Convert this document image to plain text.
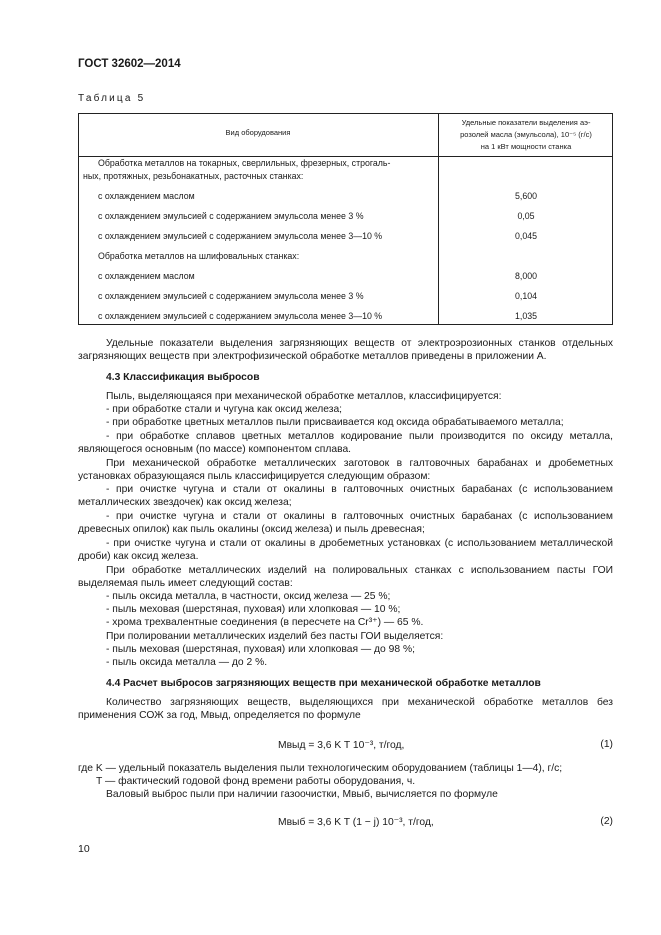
ГОСТ 32602—2014
Таблица 5
Вид оборудования
Удельные показатели выделения аэ-
розолей масла (эмульсола), 10⁻⁵ (г/с)
на 1 кВт мощности станка
Обработка металлов на токарных, сверлильных, фрезерных, строгаль-
ных, протяжных, резьбонакатных, расточных станках:
с охлаждением маслом	5,600
с охлаждением эмульсией с содержанием эмульсола менее 3 %	0,05
с охлаждением эмульсией с содержанием эмульсола менее 3—10 %	0,045
Обработка металлов на шлифовальных станках:
с охлаждением маслом	8,000
с охлаждением эмульсией с содержанием эмульсола менее 3 %	0,104
с охлаждением эмульсией с содержанием эмульсола менее 3—10 %	1,035
Удельные показатели выделения загрязняющих веществ от электроэрозионных станков отдельных загрязняющих веществ при электрофизической обработке металлов приведены в приложении А.
4.3 Классификация выбросов
Пыль, выделяющаяся при механической обработке металлов, классифицируется:
- при обработке стали и чугуна как оксид железа;
- при обработке цветных металлов пыли присваивается код оксида обрабатываемого металла;
- при обработке сплавов цветных металлов кодирование пыли производится по оксиду металла, являющегося основным (по массе) компонентом сплава.
При механической обработке металлических заготовок в галтовочных барабанах и дробеметных установках образующаяся пыль классифицируется следующим образом:
- при очистке чугуна и стали от окалины в галтовочных очистных барабанах (с использованием металлических звездочек) как оксид железа;
- при очистке чугуна и стали от окалины в галтовочных очистных барабанах (с использованием древесных опилок) как пыль окалины (оксид железа) и пыль древесная;
- при очистке чугуна и стали от окалины в дробеметных установках (с использованием металлической дроби) как оксид железа.
При обработке металлических изделий на полировальных станках с использованием пасты ГОИ выделяемая пыль имеет следующий состав:
- пыль оксида металла, в частности, оксид железа — 25 %;
- пыль меховая (шерстяная, пуховая) или хлопковая — 10 %;
- хрома трехвалентные соединения (в пересчете на Cr³⁺) — 65 %.
При полировании металлических изделий без пасты ГОИ выделяется:
- пыль меховая (шерстяная, пуховая) или хлопковая — до 98 %;
- пыль оксида металла — до 2 %.
4.4 Расчет выбросов загрязняющих веществ при механической обработке металлов
Количество загрязняющих веществ, выделяющихся при механической обработке металлов без применения СОЖ за год, Мвыд, определяется по формуле
Mвыд = 3,6 K T 10⁻³, т/год,	(1)
где K — удельный показатель выделения пыли технологическим оборудованием (таблицы 1—4), г/с;
T — фактический годовой фонд времени работы оборудования, ч.
Валовый выброс пыли при наличии газоочистки, Mвыб, вычисляется по формуле
Mвыб = 3,6 K T (1 − j) 10⁻³, т/год,	(2)
10
